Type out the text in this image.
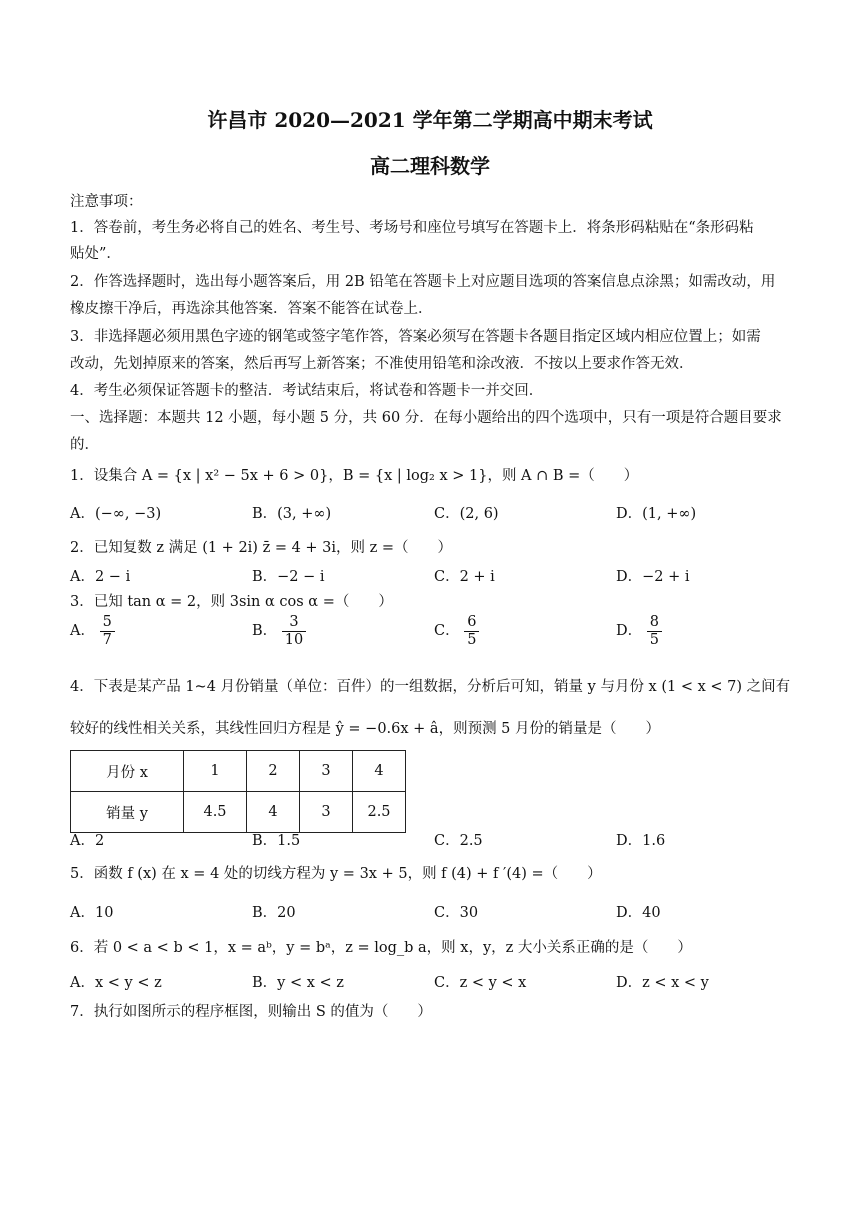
许昌市 2020—2021 学年第二学期高中期末考试
高二理科数学
注意事项：
1．答卷前，考生务必将自己的姓名、考生号、考场号和座位号填写在答题卡上．将条形码粘贴在“条形码粘
贴处”．
2．作答选择题时，选出每小题答案后，用 2B 铅笔在答题卡上对应题目选项的答案信息点涂黑；如需改动，用
橡皮擦干净后，再选涂其他答案．答案不能答在试卷上．
3．非选择题必须用黑色字迹的钢笔或签字笔作答，答案必须写在答题卡各题目指定区域内相应位置上；如需
改动，先划掉原来的答案，然后再写上新答案；不准使用铅笔和涂改液．不按以上要求作答无效．
4．考生必须保证答题卡的整洁．考试结束后，将试卷和答题卡一并交回．
一、选择题：本题共 12 小题，每小题 5 分，共 60 分．在每小题给出的四个选项中，只有一项是符合题目要求
的．
1．设集合 A = {x | x² − 5x + 6 > 0}，B = {x | log₂ x > 1}，则 A ∩ B =（　　）
A．(−∞, −3)	B．(3, +∞)	C．(2, 6)	D．(1, +∞)
2．已知复数 z 满足 (1 + 2i) z̄ = 4 + 3i，则 z =（　　）
A．2 − i	B．−2 − i	C．2 + i	D．−2 + i
3．已知 tan α = 2，则 3sin α cos α =（　　）
A． $\frac{5}{7}$	B． $\frac{3}{10}$	C． $\frac{6}{5}$	D． $\frac{8}{5}$
4．下表是某产品 1~4 月份销量（单位：百件）的一组数据，分析后可知，销量 y 与月份 x (1 < x < 7) 之间有
较好的线性相关关系，其线性回归方程是 ŷ = −0.6x + â，则预测 5 月份的销量是（　　）
月份 x	1	2	3	4
销量 y	4.5	4	3	2.5
A．2	B．1.5	C．2.5	D．1.6
5．函数 f (x) 在 x = 4 处的切线方程为 y = 3x + 5，则 f (4) + f ′(4) =（　　）
A．10	B．20	C．30	D．40
6．若 0 < a < b < 1，x = aᵇ，y = bᵃ，z = log_b a，则 x，y，z 大小关系正确的是（　　）
A．x < y < z	B．y < x < z	C．z < y < x	D．z < x < y
7．执行如图所示的程序框图，则输出 S 的值为（　　）
